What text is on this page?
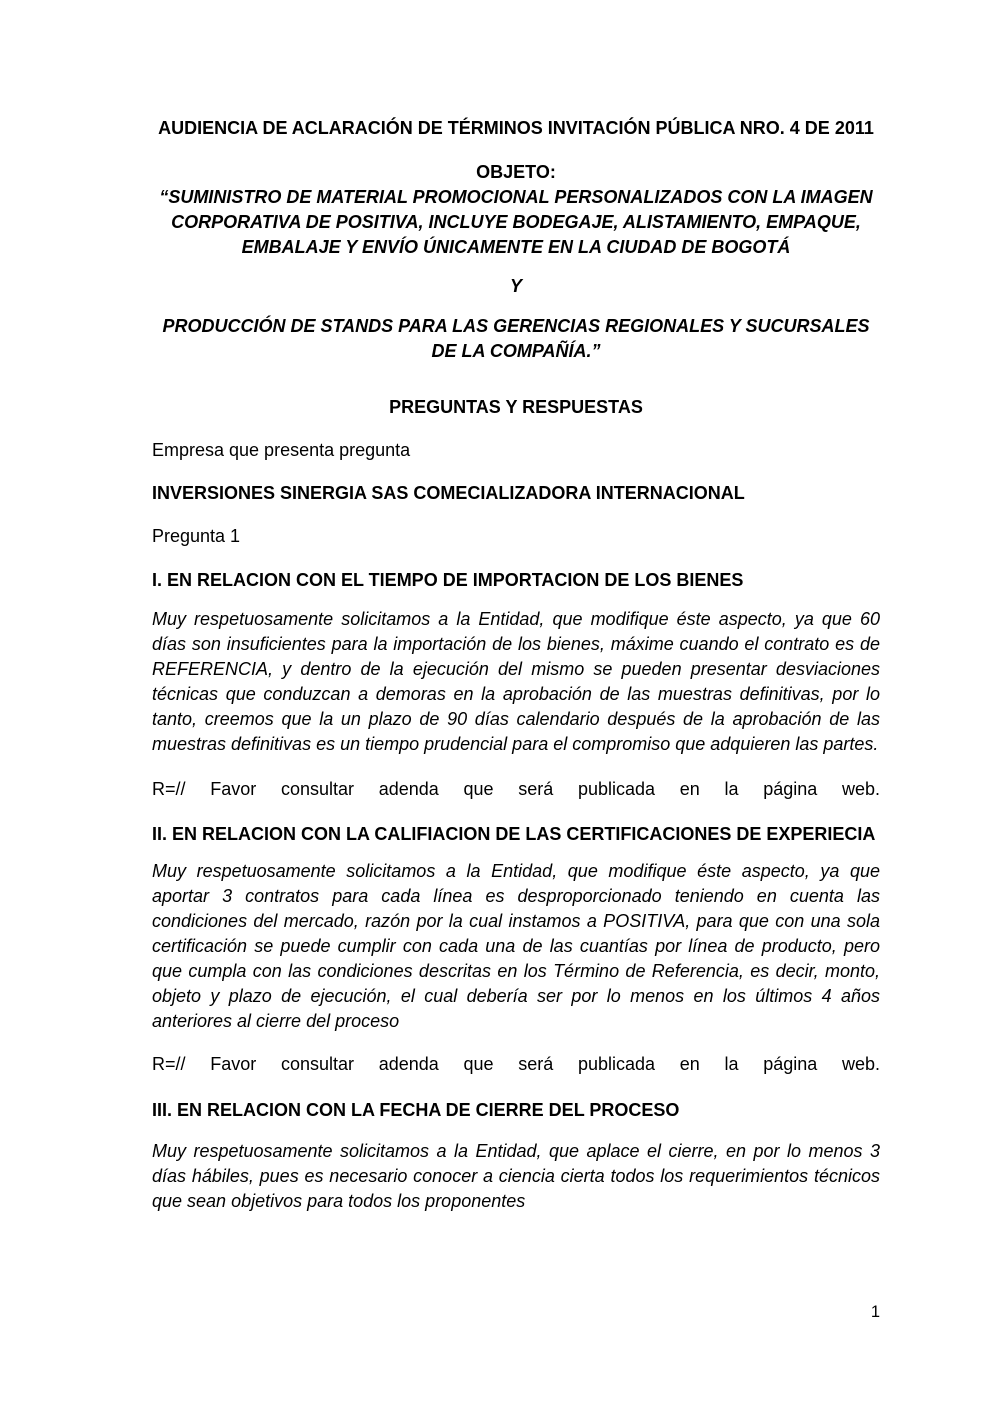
AUDIENCIA DE ACLARACIÓN DE TÉRMINOS INVITACIÓN PÚBLICA NRO. 4 DE 2011
OBJETO:
“SUMINISTRO DE MATERIAL PROMOCIONAL PERSONALIZADOS CON LA IMAGEN CORPORATIVA DE POSITIVA, INCLUYE BODEGAJE, ALISTAMIENTO, EMPAQUE, EMBALAJE Y ENVÍO ÚNICAMENTE EN LA CIUDAD DE BOGOTÁ
Y
PRODUCCIÓN DE STANDS PARA LAS GERENCIAS REGIONALES Y SUCURSALES DE LA COMPAÑÍA.”
PREGUNTAS Y RESPUESTAS
Empresa que presenta pregunta
INVERSIONES SINERGIA SAS COMECIALIZADORA INTERNACIONAL
Pregunta 1
I. EN RELACION CON EL TIEMPO DE IMPORTACION DE LOS BIENES
Muy respetuosamente solicitamos a la Entidad, que modifique éste aspecto, ya que 60 días son insuficientes para la importación de los bienes, máxime cuando el contrato es de REFERENCIA, y dentro de la ejecución del mismo se pueden presentar desviaciones técnicas que conduzcan a demoras en la aprobación de las muestras definitivas, por lo tanto, creemos que la un plazo de 90 días calendario después de la aprobación de las muestras definitivas es un tiempo prudencial para el compromiso que adquieren las partes.
R=// Favor consultar adenda que será publicada en la página web.
II. EN RELACION CON LA CALIFIACION DE LAS CERTIFICACIONES DE EXPERIECIA
Muy respetuosamente solicitamos a la Entidad, que modifique éste aspecto, ya que aportar 3 contratos para cada línea es desproporcionado teniendo en cuenta las condiciones del mercado, razón por la cual instamos a POSITIVA, para que con una sola certificación se puede cumplir con cada una de las cuantías por línea de producto, pero que cumpla con las condiciones descritas en los Término de Referencia, es decir, monto, objeto y plazo de ejecución, el cual debería ser por lo menos en los últimos 4 años anteriores al cierre del proceso
R=// Favor consultar adenda que será publicada en la página web.
III. EN RELACION CON LA FECHA DE CIERRE DEL PROCESO
Muy respetuosamente solicitamos a la Entidad, que aplace el cierre, en por lo menos 3 días hábiles, pues es necesario conocer a ciencia cierta todos los requerimientos técnicos que sean objetivos para todos los proponentes
1
